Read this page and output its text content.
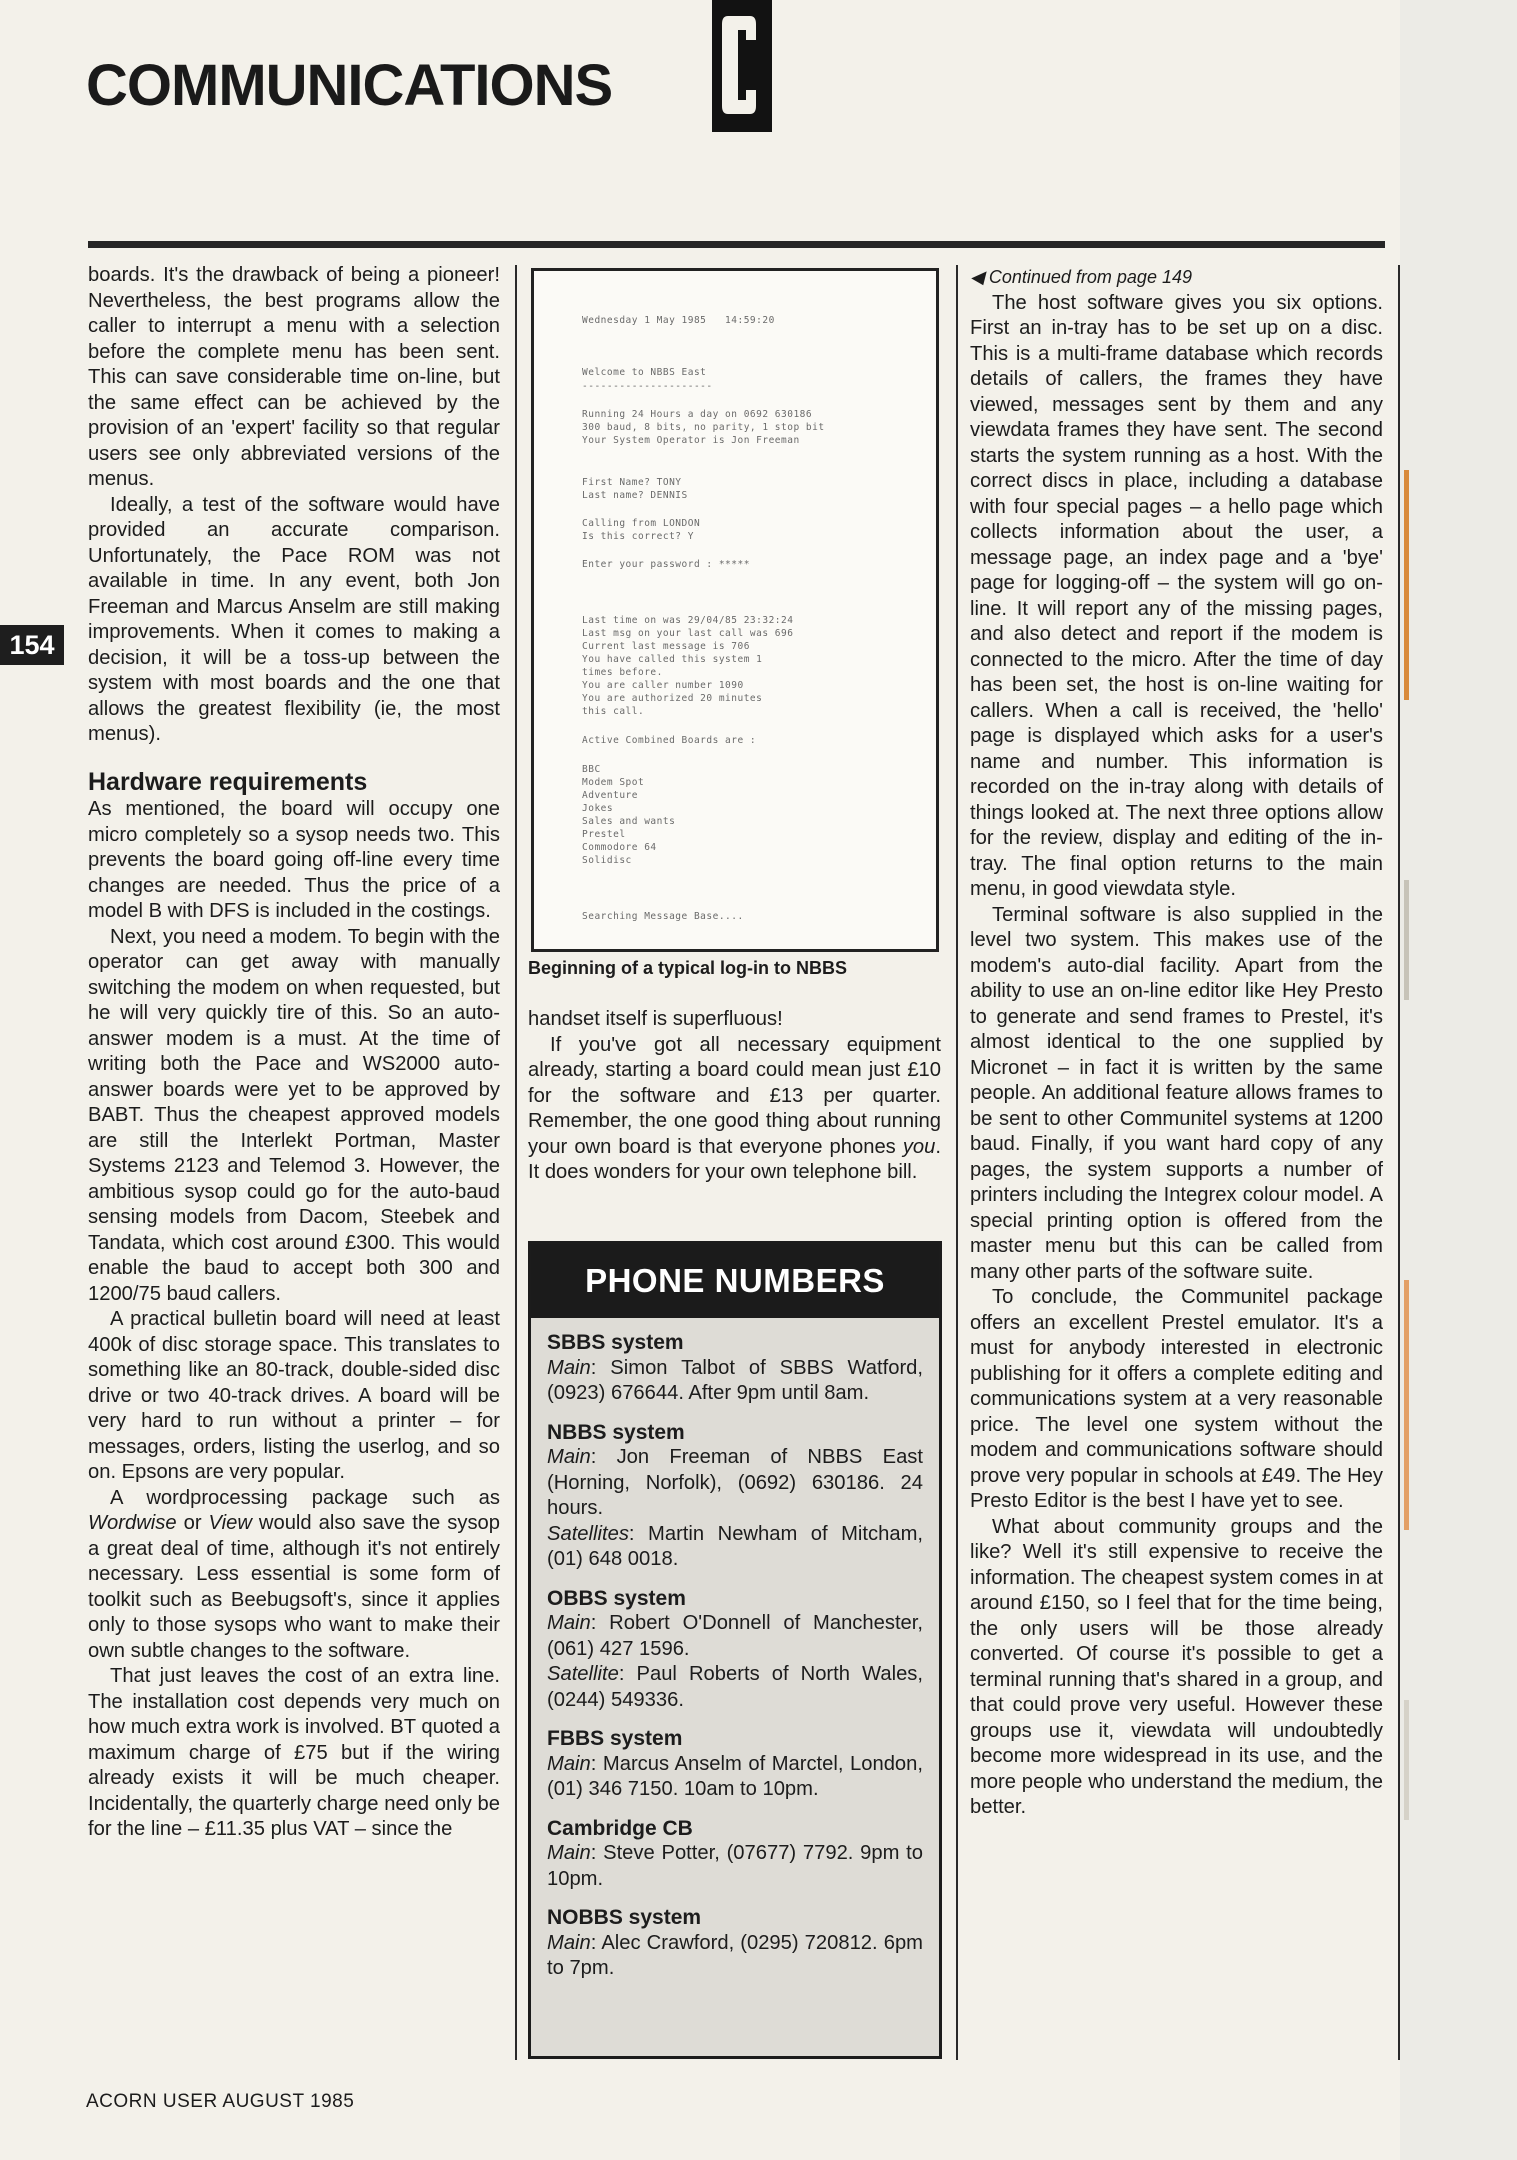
COMMUNICATIONS
154

boards. It's the drawback of being a pioneer! Nevertheless, the best programs allow the caller to interrupt a menu with a selection before the complete menu has been sent. This can save considerable time on-line, but the same effect can be achieved by the provision of an 'expert' facility so that regular users see only abbreviated versions of the menus.

Ideally, a test of the software would have provided an accurate comparison. Unfortunately, the Pace ROM was not available in time. In any event, both Jon Freeman and Marcus Anselm are still making improvements. When it comes to making a decision, it will be a toss-up between the system with most boards and the one that allows the greatest flexibility (ie, the most menus).

Hardware requirements

As mentioned, the board will occupy one micro completely so a sysop needs two. This prevents the board going off-line every time changes are needed. Thus the price of a model B with DFS is included in the costings.

Next, you need a modem. To begin with the operator can get away with manually switching the modem on when requested, but he will very quickly tire of this. So an auto-answer modem is a must. At the time of writing both the Pace and WS2000 auto-answer boards were yet to be approved by BABT. Thus the cheapest approved models are still the Interlekt Portman, Master Systems 2123 and Telemod 3. However, the ambitious sysop could go for the auto-baud sensing models from Dacom, Steebek and Tandata, which cost around £300. This would enable the baud to accept both 300 and 1200/75 baud callers.

A practical bulletin board will need at least 400k of disc storage space. This translates to something like an 80-track, double-sided disc drive or two 40-track drives. A board will be very hard to run without a printer – for messages, orders, listing the userlog, and so on. Epsons are very popular.

A wordprocessing package such as Wordwise or View would also save the sysop a great deal of time, although it's not entirely necessary. Less essential is some form of toolkit such as Beebugsoft's, since it applies only to those sysops who want to make their own subtle changes to the software.

That just leaves the cost of an extra line. The installation cost depends very much on how much extra work is involved. BT quoted a maximum charge of £75 but if the wiring already exists it will be much cheaper. Incidentally, the quarterly charge need only be for the line – £11.35 plus VAT – since the

Wednesday 1 May 1985   14:59:20
Welcome to NBBS East
---------------------
Running 24 Hours a day on 0692 630186
300 baud, 8 bits, no parity, 1 stop bit
Your System Operator is Jon Freeman
First Name? TONY
Last name? DENNIS
Calling from LONDON
Is this correct? Y
Enter your password : *****
Last time on was 29/04/85 23:32:24
Last msg on your last call was 696
Current last message is 706
You have called this system 1
times before.
You are caller number 1090
You are authorized 20 minutes
this call.
Active Combined Boards are :
BBC
Modem Spot
Adventure
Jokes
Sales and wants
Prestel
Commodore 64
Solidisc
Searching Message Base....
Beginning of a typical log-in to NBBS

handset itself is superfluous!

If you've got all necessary equipment already, starting a board could mean just £10 for the software and £13 per quarter. Remember, the one good thing about running your own board is that everyone phones you. It does wonders for your own telephone bill.

PHONE NUMBERS
SBBS system
Main: Simon Talbot of SBBS Watford, (0923) 676644. After 9pm until 8am.
NBBS system
Main: Jon Freeman of NBBS East (Horning, Norfolk), (0692) 630186. 24 hours.
Satellites: Martin Newham of Mitcham, (01) 648 0018.
OBBS system
Main: Robert O'Donnell of Manchester, (061) 427 1596.
Satellite: Paul Roberts of North Wales, (0244) 549336.
FBBS system
Main: Marcus Anselm of Marctel, London, (01) 346 7150. 10am to 10pm.
Cambridge CB
Main: Steve Potter, (07677) 7792. 9pm to 10pm.
NOBBS system
Main: Alec Crawford, (0295) 720812. 6pm to 7pm.
◀ Continued from page 149

The host software gives you six options. First an in-tray has to be set up on a disc. This is a multi-frame database which records details of callers, the frames they have viewed, messages sent by them and any viewdata frames they have sent. The second starts the system running as a host. With the correct discs in place, including a database with four special pages – a hello page which collects information about the user, a message page, an index page and a 'bye' page for logging-off – the system will go on-line. It will report any of the missing pages, and also detect and report if the modem is connected to the micro. After the time of day has been set, the host is on-line waiting for callers. When a call is received, the 'hello' page is displayed which asks for a user's name and number. This information is recorded on the in-tray along with details of things looked at. The next three options allow for the review, display and editing of the in-tray. The final option returns to the main menu, in good viewdata style.

Terminal software is also supplied in the level two system. This makes use of the modem's auto-dial facility. Apart from the ability to use an on-line editor like Hey Presto to generate and send frames to Prestel, it's almost identical to the one supplied by Micronet – in fact it is written by the same people. An additional feature allows frames to be sent to other Communitel systems at 1200 baud. Finally, if you want hard copy of any pages, the system supports a number of printers including the Integrex colour model. A special printing option is offered from the master menu but this can be called from many other parts of the software suite.

To conclude, the Communitel package offers an excellent Prestel emulator. It's a must for anybody interested in electronic publishing for it offers a complete editing and communications system at a very reasonable price. The level one system without the modem and communications software should prove very popular in schools at £49. The Hey Presto Editor is the best I have yet to see.

What about community groups and the like? Well it's still expensive to receive the information. The cheapest system comes in at around £150, so I feel that for the time being, the only users will be those already converted. Of course it's possible to get a terminal running that's shared in a group, and that could prove very useful. However these groups use it, viewdata will undoubtedly become more widespread in its use, and the more people who understand the medium, the better.

ACORN USER AUGUST 1985
